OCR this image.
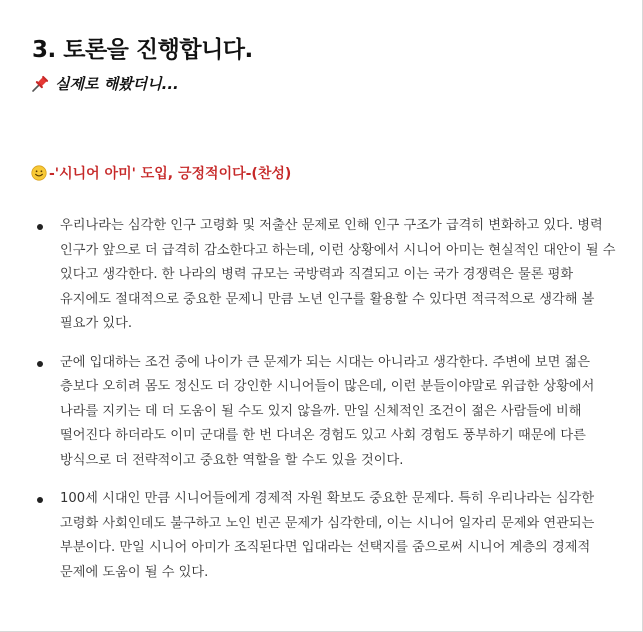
3. 토론을 진행합니다.
실제로 해봤더니...
-'시니어 아미' 도입, 긍정적이다-(찬성)
우리나라는 심각한 인구 고령화 및 저출산 문제로 인해 인구 구조가 급격히 변화하고 있다. 병력 인구가 앞으로 더 급격히 감소한다고 하는데, 이런 상황에서 시니어 아미는 현실적인 대안이 될 수 있다고 생각한다. 한 나라의 병력 규모는 국방력과 직결되고 이는 국가 경쟁력은 물론 평화 유지에도 절대적으로 중요한 문제니 만큼 노년 인구를 활용할 수 있다면 적극적으로 생각해 볼 필요가 있다.
군에 입대하는 조건 중에 나이가 큰 문제가 되는 시대는 아니라고 생각한다. 주변에 보면 젊은 층보다 오히려 몸도 정신도 더 강인한 시니어들이 많은데, 이런 분들이야말로 위급한 상황에서 나라를 지키는 데 더 도움이 될 수도 있지 않을까. 만일 신체적인 조건이 젊은 사람들에 비해 떨어진다 하더라도 이미 군대를 한 번 다녀온 경험도 있고 사회 경험도 풍부하기 때문에 다른 방식으로 더 전략적이고 중요한 역할을 할 수도 있을 것이다.
100세 시대인 만큼 시니어들에게 경제적 자원 확보도 중요한 문제다. 특히 우리나라는 심각한 고령화 사회인데도 불구하고 노인 빈곤 문제가 심각한데, 이는 시니어 일자리 문제와 연관되는 부분이다. 만일 시니어 아미가 조직된다면 입대라는 선택지를 줌으로써 시니어 계층의 경제적 문제에 도움이 될 수 있다.
